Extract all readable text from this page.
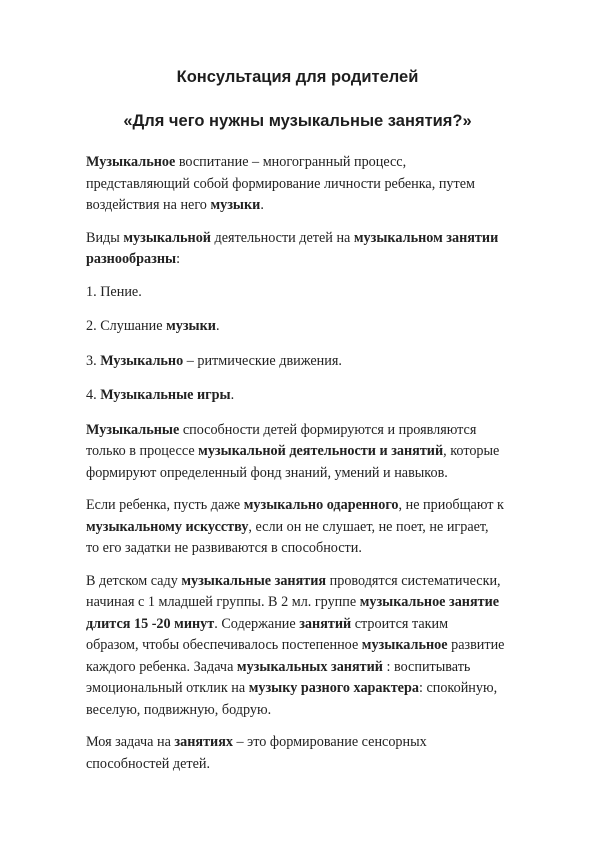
Консультация для родителей
«Для чего нужны музыкальные занятия?»

Музыкальное воспитание – многогранный процесс,
представляющий собой формирование личности ребенка, путем
воздействия на него музыки.

Виды музыкальной деятельности детей на музыкальном занятии
разнообразны:

1. Пение.

2. Слушание музыки.

3. Музыкально – ритмические движения.

4. Музыкальные игры.

Музыкальные способности детей формируются и проявляются
только в процессе музыкальной деятельности и занятий, которые
формируют определенный фонд знаний, умений и навыков.

Если ребенка, пусть даже музыкально одаренного, не приобщают к
музыкальному искусству, если он не слушает, не поет, не играет,
то его задатки не развиваются в способности.

В детском саду музыкальные занятия проводятся систематически,
начиная с 1 младшей группы. В 2 мл. группе музыкальное занятие
длится 15 -20 минут. Содержание занятий строится таким
образом, чтобы обеспечивалось постепенное музыкальное развитие
каждого ребенка. Задача музыкальных занятий : воспитывать
эмоциональный отклик на музыку разного характера: спокойную,
веселую, подвижную, бодрую.

Моя задача на занятиях – это формирование сенсорных
способностей детей.
